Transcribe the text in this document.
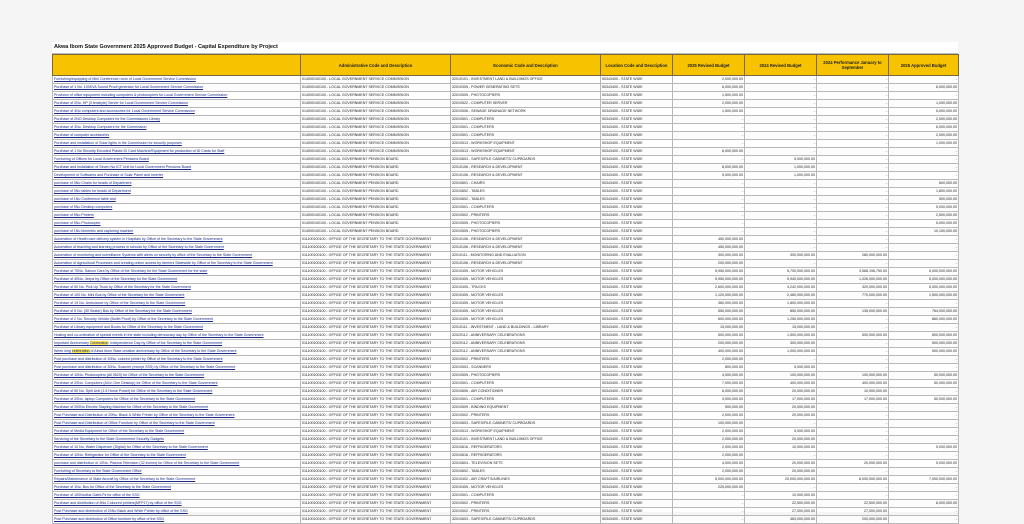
Akwa Ibom State Government 2025 Approved Budget - Capital Expenditure by Project
	Administrative Code and Description	Economic Code and Description	Location Code and Description	2025 Revised Budget	2024 Revised Budget	2024 Performance January to September	2025 Approved Budget
Furnishing/equipping of Mini Conference room of Local Government Service Commission	014000100100 - LOCAL GOVERNMENT SERVICE COMMISSION	32010101 - INVESTMENT LAND & BUILDINGS OFFICE	50343400 - STATE WIDE	2,000,000.00	-	-	-
Purchase of 1 No. 100KVA Sound Proof generator for Local Government Service Commission	014000100100 - LOCAL GOVERNMENT SERVICE COMMISSION	32010305 - POWER GENERATING SETS	50343400 - STATE WIDE	6,000,000.00	-	-	6,000,000.00
Provision of office equipment including computers & photocopiers for Local Government Service Commission	014000100100 - LOCAL GOVERNMENT SERVICE COMMISSION	32010505 - PHOTOCOPIERS	50343400 - STATE WIDE	1,500,000.00	-	-	-
Purchase of 2No. HP (3 terabyte) Server for Local Government Service Commission	014000100100 - LOCAL GOVERNMENT SERVICE COMMISSION	32010522 - COMPUTER SERVER	50343400 - STATE WIDE	2,000,000.00	-	-	1,000,000.00
Purchase of 4No computers and accessories for Local Government Service Commission	014000100100 - LOCAL GOVERNMENT SERVICE COMMISSION	32010506 - SEWAGE DRAINAGE NETWORK	50343400 - STATE WIDE	1,500,000.00	-	-	5,000,000.00
Purchase of 2NO Desktop Computers for the Commissions Library	014000100100 - LOCAL GOVERNMENT SERVICE COMMISSION	32010501 - COMPUTERS	50343400 - STATE WIDE	-	-	-	2,000,000.00
Purchase of 3No. Desktop Computers for the Commission	014000100100 - LOCAL GOVERNMENT SERVICE COMMISSION	32010501 - COMPUTERS	50343400 - STATE WIDE	-	-	-	6,000,000.00
Purchase of computer accessories	014000100100 - LOCAL GOVERNMENT SERVICE COMMISSION	32010501 - COMPUTERS	50343400 - STATE WIDE	-	-	-	2,000,000.00
Purchase and installation of Solar lights in the Commission for security purposes	014000100100 - LOCAL GOVERNMENT SERVICE COMMISSION	32010513 - WORKSHOP EQUIPMENT	50343400 - STATE WIDE	-	-	-	1,000,000.00
Purchase of 1 No Security Encoded Plastic ID Card Machine/Equipment for production of ID Cards for Staff	014000100100 - LOCAL GOVERNMENT SERVICE COMMISSION	32010513 - WORKSHOP EQUIPMENT	50343400 - STATE WIDE	6,000,000.00	-	-	-
Furnishing of Offices for Local Government Pensions Board	014000100100 - LOCAL GOVERNMENT PENSION BOARD	32010603 - SAFES/FILE CABINETS/ CUPBOARDS	50343400 - STATE WIDE	-	5,000,000.00	-	-
Purchase and Installation of Seven No ICT Unit for Local Government Pensions Board	014000100100 - LOCAL GOVERNMENT PENSION BOARD	32010106 - RESEARCH & DEVELOPMENT	50343400 - STATE WIDE	8,000,000.00	1,000,000.00	-	-
Development of Softwares and Purchase of Solar Panel and Inverter	014000100100 - LOCAL GOVERNMENT PENSION BOARD	32010106 - RESEARCH & DEVELOPMENT	50343400 - STATE WIDE	5,000,000.00	1,000,000.00	-	-
purchase of 3No Chairs for heads of Department	014000100100 - LOCAL GOVERNMENT PENSION BOARD	32010601 - CHAIRS	50343400 - STATE WIDE	-	-	-	600,000.00
purchase of 3No tables for heads of Department	014000100100 - LOCAL GOVERNMENT PENSION BOARD	32010602 - TABLES	50343400 - STATE WIDE	-	-	-	1,800,000.00
purchase of 1No Conference table and	014000100100 - LOCAL GOVERNMENT PENSION BOARD	32010602 - TABLES	50343400 - STATE WIDE	-	-	-	500,000.00
purchase of 5No Desktop computers	014000100100 - LOCAL GOVERNMENT PENSION BOARD	32010501 - COMPUTERS	50343400 - STATE WIDE	-	-	-	5,000,000.00
purchase of 5No Printers	014000100100 - LOCAL GOVERNMENT PENSION BOARD	32010502 - PRINTERS	50343400 - STATE WIDE	-	-	-	2,500,000.00
purchase of 5No Photocopier	014000100100 - LOCAL GOVERNMENT PENSION BOARD	32010505 - PHOTOCOPIERS	50343400 - STATE WIDE	-	-	-	5,000,000.00
purchase of 1No biometric and capturing machine	014000100100 - LOCAL GOVERNMENT PENSION BOARD	32010505 - PHOTOCOPIERS	50343400 - STATE WIDE	-	-	-	10,100,000.00
Automation of Health care delivery system in Hospitals by Office of the Secretary to the State Government	011100100100 - OFFICE OF THE SECRETARY TO THE STATE GOVERNMENT	32010106 - RESEARCH & DEVELOPMENT	50343400 - STATE WIDE	450,000,000.00	-	-	-
Automation of teaching and learning process in schools by Office of the Secretary to the State Government	011100100100 - OFFICE OF THE SECRETARY TO THE STATE GOVERNMENT	32010106 - RESEARCH & DEVELOPMENT	50343400 - STATE WIDE	450,000,000.00	-	-	-
Automation of monitoring and surveillance Systems with alerts on security by office of the Secretary to the State Government	011100100100 - OFFICE OF THE SECRETARY TO THE STATE GOVERNMENT	32010111 - MONITORING AND EVALUATION	50343400 - STATE WIDE	300,000,000.00	300,000,000.00	280,000,000.00	-
Automation of Agricultural Processes and creating online access by farmers Statewide by Office of the Secretary to the State Government	011100100100 - OFFICE OF THE SECRETARY TO THE STATE GOVERNMENT	32010106 - RESEARCH & DEVELOPMENT	50343400 - STATE WIDE	200,000,000.00	-	-	-
Purchase of 70No. Saloon Cars by Office of the Secretary for the State Government for the state	011100100100 - OFFICE OF THE SECRETARY TO THE STATE GOVERNMENT	32010405 - MOTOR VEHICLES	50343400 - STATE WIDE	5,950,000,000.00	5,700,000,000.00	3,568,196,750.00	5,000,000,000.00
Purchase of 40No. Jeeps by Office of the Secretary for the State Government	011100100100 - OFFICE OF THE SECRETARY TO THE STATE GOVERNMENT	32010405 - MOTOR VEHICLES	50343400 - STATE WIDE	5,950,000,000.00	5,940,000,000.00	1,026,000,000.00	5,000,000,000.00
Purchase of 50 No. Pick Up Truck by Office of the Secretary for the State Government	011100100100 - OFFICE OF THE SECRETARY TO THE STATE GOVERNMENT	32010405 - TRUCKS	50343400 - STATE WIDE	2,600,000,000.00	4,242,000,000.00	320,000,000.00	5,000,000,000.00
Purchase of 100 No. Mini Bus by Office of the Secretary for the State Government	011100100100 - OFFICE OF THE SECRETARY TO THE STATE GOVERNMENT	32010405 - MOTOR VEHICLES	50343400 - STATE WIDE	1,120,000,000.00	2,460,000,000.00	770,000,000.00	1,500,000,000.00
Purchase of 19 No. Ambulance by Office of the Secretary to the State Government	011100100100 - OFFICE OF THE SECRETARY TO THE STATE GOVERNMENT	32010405 - MOTOR VEHICLES	50343400 - STATE WIDE	360,000,000.00	1,800,000,000.00	-	-
Purchase of 5 No. (30 Seater) Bus by Office of the Secretary for the State Government	011100100100 - OFFICE OF THE SECRETARY TO THE STATE GOVERNMENT	32010405 - MOTOR VEHICLES	50343400 - STATE WIDE	550,000,000.00	850,000,000.00	135,000,000.00	764,000,000.00
Purchase of 2 No. Security Vehicle (Bullet Proof) by Office of the Secretary to the State Government	011100100100 - OFFICE OF THE SECRETARY TO THE STATE GOVERNMENT	32010405 - MOTOR VEHICLES	50343400 - STATE WIDE	600,000,000.00	1,250,000,000.00	-	860,000,000.00
Purchase of Library equipment and Books for Office of the Secretary to the State Government	011100100100 - OFFICE OF THE SECRETARY TO THE STATE GOVERNMENT	32010111 - INVESTMENT - LAND & BUILDINGS - LIBRARY	50343400 - STATE WIDE	15,000,000.00	15,000,000.00	-	-
Hosting and co-ordination of special events in the state including democracy day by Office of the Secretary to the State Government	011100100100 - OFFICE OF THE SECRETARY TO THE STATE GOVERNMENT	32020112 - ANNIVERSARY CELEBRATIONS	50343400 - STATE WIDE	500,000,000.00	1,500,000,000.00	500,000,000.00	800,000,000.00
Important Anniversary Celebration: Independence Day by Office of the Secretary to the State Government	011100100100 - OFFICE OF THE SECRETARY TO THE STATE GOVERNMENT	32020112 - ANNIVERSARY CELEBRATIONS	50343400 - STATE WIDE	200,000,000.00	300,000,000.00	-	500,000,000.00
Week long celebration of Akwa Ibom State creation anniversary by Office of the Secretary to the State Government	011100100100 - OFFICE OF THE SECRETARY TO THE STATE GOVERNMENT	32020112 - ANNIVERSARY CELEBRATIONS	50343400 - STATE WIDE	400,000,000.00	1,000,000,000.00	-	500,000,000.00
Post purchase and distribution of 10No. colored printer by Office of the Secretary to the State Government	011100100100 - OFFICE OF THE SECRETARY TO THE STATE GOVERNMENT	32010502 - PRINTERS	50343400 - STATE WIDE	2,000,000.00	-	-	-
Post purchase and distribution of 30No. Scanner (except SSS) by Office of the Secretary to the State Government	011100100100 - OFFICE OF THE SECRETARY TO THE STATE GOVERNMENT	32010503 - SCANNERS	50343400 - STATE WIDE	800,000.00	5,000,000.00	-	-
Purchase of 10No. Photocopiers (All 5520) for Office of the Secretary to the State Government	011100100100 - OFFICE OF THE SECRETARY TO THE STATE GOVERNMENT	32010505 - PHOTOCOPIERS	50343400 - STATE WIDE	4,000,000.00	100,000,000.00	100,000,000.00	50,000,000.00
Purchase of 20No. Computers (All in One Desktop) for Office of the Secretary to the State Government	011100100100 - OFFICE OF THE SECRETARY TO THE STATE GOVERNMENT	32010501 - COMPUTERS	50343400 - STATE WIDE	7,000,000.00	400,000,000.00	400,000,000.00	50,000,000.00
Purchase of 50 No. Split Unit (1.5 Horse Power) for Office of the Secretary to the State Government	011100100100 - OFFICE OF THE SECRETARY TO THE STATE GOVERNMENT	32010606 - AIR CONDITIONER	50343400 - STATE WIDE	6,000,000.00	20,000,000.00	10,000,000.00	-
Purchase of 20No. laptop Computers for Office of the Secretary to the State Government	011100100100 - OFFICE OF THE SECRETARY TO THE STATE GOVERNMENT	32010501 - COMPUTERS	50343400 - STATE WIDE	3,000,000.00	17,000,000.00	17,000,000.00	50,000,000.00
Purchase of 200No Electric Stapling Machine for Office of the Secretary to the State Government	011100100100 - OFFICE OF THE SECRETARY TO THE STATE GOVERNMENT	32010509 - BINDING EQUIPMENT	50343400 - STATE WIDE	500,000.00	20,000,000.00	-	-
Post Purchase and Distribution of 20No. Black & White Printer by Office of the Secretary to the State Government	011100100100 - OFFICE OF THE SECRETARY TO THE STATE GOVERNMENT	32010502 - PRINTERS	50343400 - STATE WIDE	2,000,000.00	20,000,000.00	-	-
Post Purchase and Distribution of Office Furniture by Office of the Secretary to the State Government	011100100100 - OFFICE OF THE SECRETARY TO THE STATE GOVERNMENT	32010603 - SAFES/FILE CABINETS/ CUPBOARDS	50343400 - STATE WIDE	100,000,000.00	-	-	-
Purchase of Media Equipment for Office of the Secretary to the State Government	011100100100 - OFFICE OF THE SECRETARY TO THE STATE GOVERNMENT	32010513 - WORKSHOP EQUIPMENT	50343400 - STATE WIDE	2,000,000.00	5,000,000.00	-	-
Servicing of the Secretary to the State Government Security Gadgets	011100100100 - OFFICE OF THE SECRETARY TO THE STATE GOVERNMENT	32010101 - INVESTMENT LAND & BUILDINGS OFFICE	50343400 - STATE WIDE	2,000,000.00	20,000,000.00	-	-
Purchase of 10 No. Water Dispenser (Digital) for Office of the Secretary to the State Government	011100100100 - OFFICE OF THE SECRETARY TO THE STATE GOVERNMENT	32010616 - REFRIGERATORS	50343400 - STATE WIDE	2,000,000.00	10,000,000.00	-	5,000,000.00
Purchase of 10No. Refrigerator for Office of the Secretary to the State Government	011100100100 - OFFICE OF THE SECRETARY TO THE STATE GOVERNMENT	32010616 - REFRIGERATORS	50343400 - STATE WIDE	2,000,000.00	-	-	-
purchase and distribution of 10No. Plasma Television (32 inches) for Office of the Secretary to the State Government	011100100100 - OFFICE OF THE SECRETARY TO THE STATE GOVERNMENT	32010604 - TELEVISION SETS	50343400 - STATE WIDE	4,000,000.00	20,000,000.00	20,000,000.00	5,000,000.00
Furnishing of Secretary to the State Government Office	011100100100 - OFFICE OF THE SECRETARY TO THE STATE GOVERNMENT	32010602 - TABLES	50343400 - STATE WIDE	2,000,000.00	20,000,000.00	-	-
Repairs/Maintenance of State Aircraft by Office of the Secretary to the State Government	011100100100 - OFFICE OF THE SECRETARY TO THE STATE GOVERNMENT	32010402 - AIR CRAFTS/AIRLINES	50343400 - STATE WIDE	5,000,000,000.00	20,000,000,000.00	8,000,000,000.00	7,000,000,000.00
Purchase of 1No. Bus for Office of the Secretary to the State Government	011100100100 - OFFICE OF THE SECRETARY TO THE STATE GOVERNMENT	32010405 - MOTOR VEHICLES	50343400 - STATE WIDE	225,000,000.00	-	-	-
Purchase of 100Nodlus GateLPs for office of the SSG	011100100100 - OFFICE OF THE SECRETARY TO THE STATE GOVERNMENT	32010501 - COMPUTERS	50343400 - STATE WIDE	-	10,000,000.00	-	-
Purchase and distribution of 6No Coloured printers(MFP17) by office of the SSG	011100100100 - OFFICE OF THE SECRETARY TO THE STATE GOVERNMENT	32010502 - PRINTERS	50343400 - STATE WIDE	-	22,500,000.00	22,500,000.00	8,000,000.00
Post Purchase and distribution of 20No Black and White Printer by office of the SSG	011100100100 - OFFICE OF THE SECRETARY TO THE STATE GOVERNMENT	32010502 - PRINTERS	50343400 - STATE WIDE	-	27,000,000.00	27,000,000.00	-
Post Purchase and distribution of Office furniture by office of the SSG	011100100100 - OFFICE OF THE SECRETARY TO THE STATE GOVERNMENT	32010603 - SAFES/FILE CABINETS/ CUPBOARDS	50343400 - STATE WIDE	-	463,000,000.00	200,000,000.00	-
